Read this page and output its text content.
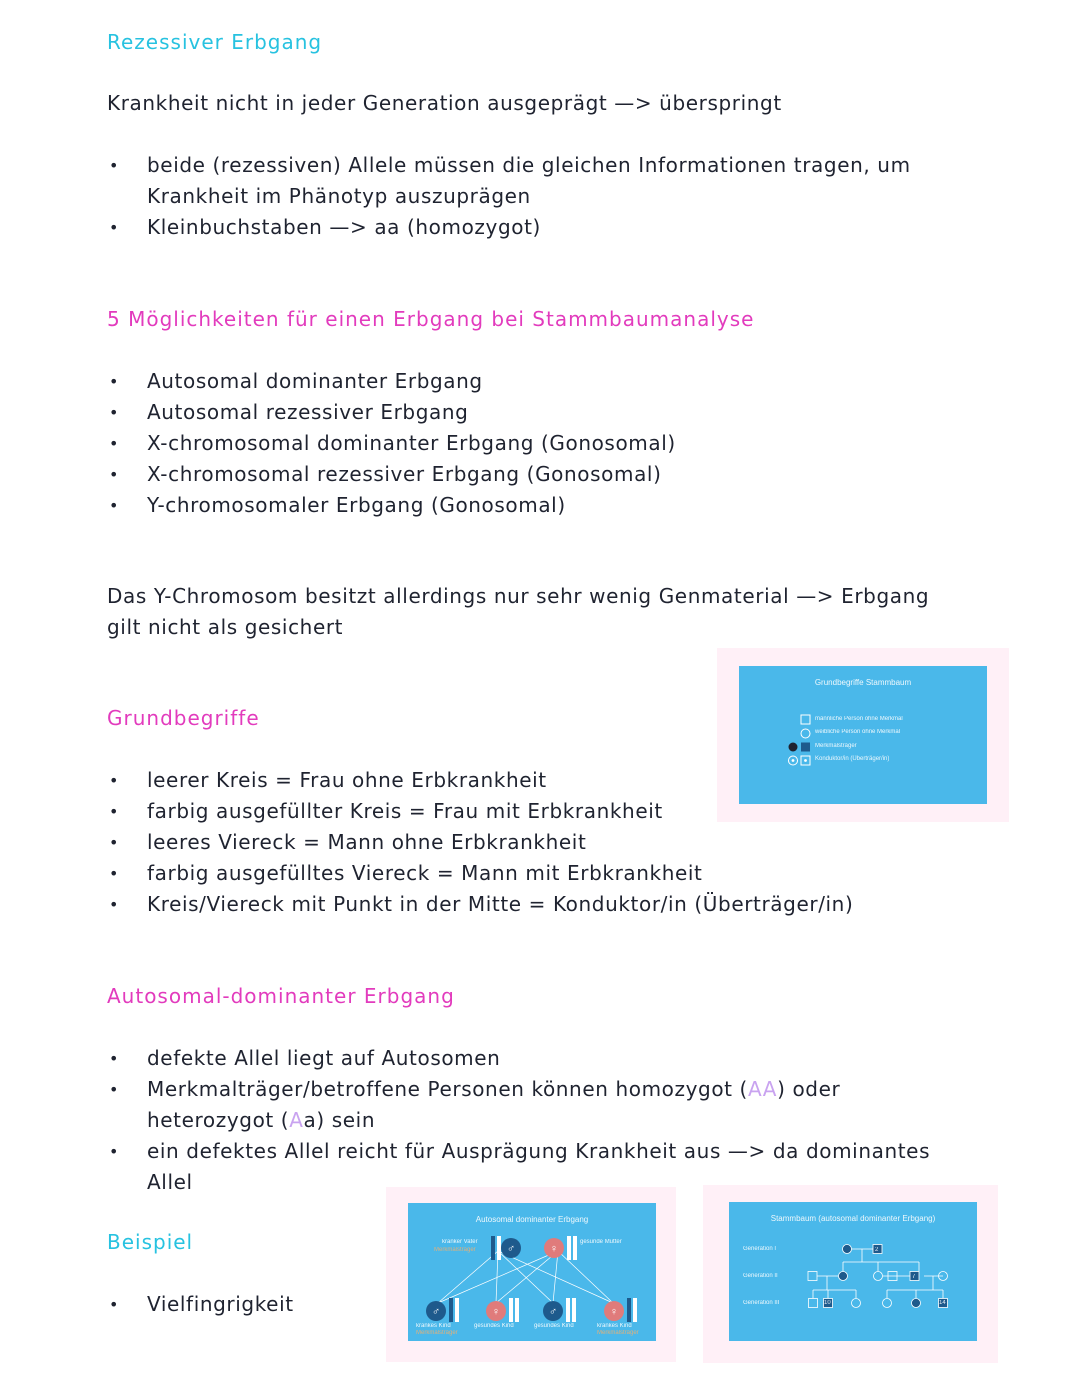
Rezessiver Erbgang
Krankheit nicht in jeder Generation ausgeprägt —> überspringt
• beide (rezessiven) Allele müssen die gleichen Informationen tragen, um Krankheit im Phänotyp auszuprägen
• Kleinbuchstaben —> aa (homozygot)
5 Möglichkeiten für einen Erbgang bei Stammbaumanalyse
• Autosomal dominanter Erbgang
• Autosomal rezessiver Erbgang
• X-chromosomal dominanter Erbgang (Gonosomal)
• X-chromosomal rezessiver Erbgang (Gonosomal)
• Y-chromosomaler Erbgang (Gonosomal)
Das Y-Chromosom besitzt allerdings nur sehr wenig Genmaterial —> Erbgang gilt nicht als gesichert
Grundbegriffe
• leerer Kreis = Frau ohne Erbkrankheit
• farbig ausgefüllter Kreis = Frau mit Erbkrankheit
• leeres Viereck = Mann ohne Erbkrankheit
• farbig ausgefülltes Viereck = Mann mit Erbkrankheit
• Kreis/Viereck mit Punkt in der Mitte = Konduktor/in (Überträger/in)
Grundbegriffe Stammbaum
männliche Person ohne Merkmal
weibliche Person ohne Merkmal
Merkmalsträger
Konduktor/in (Überträger/in)
Autosomal-dominanter Erbgang
• defekte Allel liegt auf Autosomen
• Merkmalträger/betroffene Personen können homozygot (AA) oder heterozygot (Aa) sein
• ein defektes Allel reicht für Ausprägung Krankheit aus —> da dominantes Allel
Beispiel
• Vielfingrigkeit
Autosomal dominanter Erbgang
♂	♀
♂	♀	♂	♀
kranker Vater
Merkmalsträger
gesunde Mutter
krankes Kind
Merkmalsträger
gesundes Kind	gesundes Kind	krankes Kind
Merkmalsträger
Stammbaum (autosomal dominanter Erbgang)
Generation I
Generation II
Generation III
2
7
10	14
